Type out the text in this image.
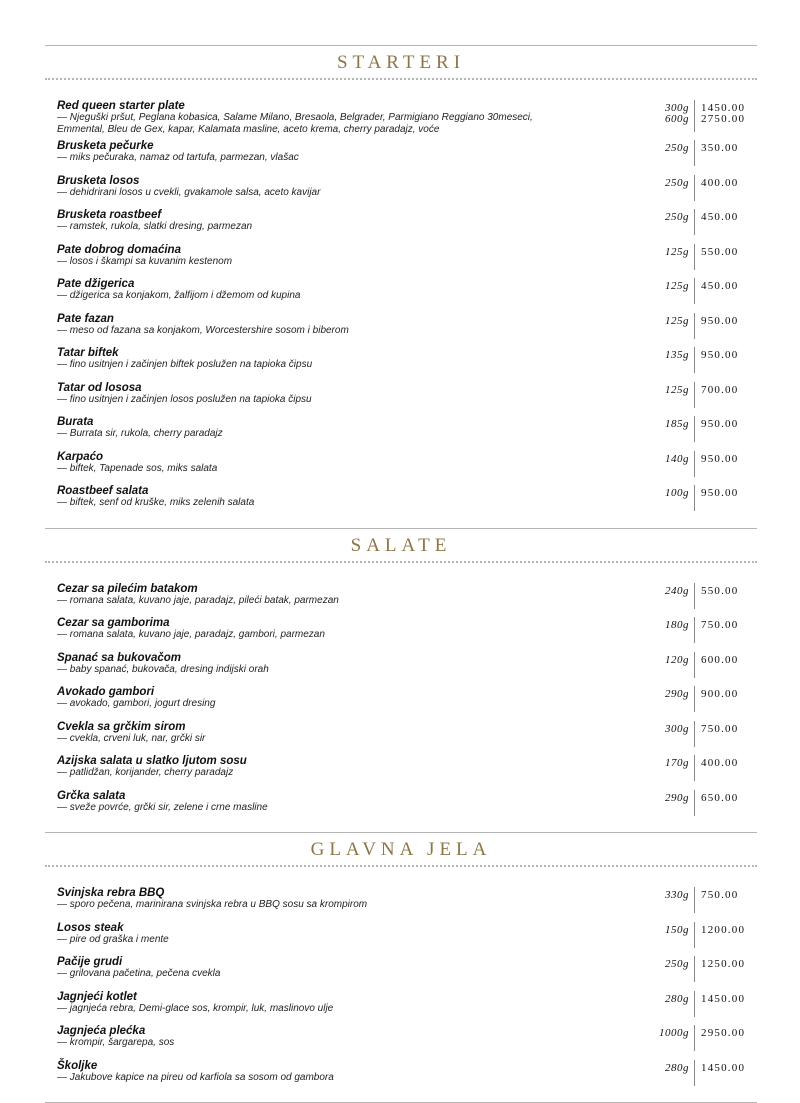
STARTERI
Red queen starter plate
— Njeguški pršut, Peglana kobasica, Salame Milano, Bresaola, Belgrader, Parmigiano Reggiano 30meseci,
Emmental, Bleu de Gex, kapar, Kalamata masline, aceto krema, cherry paradajz, voće
300g
600g
1450.00
2750.00
Brusketa pečurke
— miks pečuraka, namaz od tartufa, parmezan, vlašac
250g 350.00
Brusketa losos
— dehidrirani losos u cvekli, gvakamole salsa, aceto kavijar
250g 400.00
Brusketa roastbeef
— ramstek, rukola, slatki dresing, parmezan
250g 450.00
Pate dobrog domaćina
— losos i škampi sa kuvanim kestenom
125g 550.00
Pate džigerica
— džigerica sa konjakom, žalfijom i džemom od kupina
125g 450.00
Pate fazan
— meso od fazana sa konjakom, Worcestershire sosom i biberom
125g 950.00
Tatar biftek
— fino usitnjen i začinjen biftek poslužen na tapioka čipsu
135g 950.00
Tatar od lososa
— fino usitnjen i začinjen losos poslužen na tapioka čipsu
125g 700.00
Burata
— Burrata sir, rukola, cherry paradajz
185g 950.00
Karpaćo
— biftek, Tapenade sos, miks salata
140g 950.00
Roastbeef salata
— biftek, senf od kruške, miks zelenih salata
100g 950.00
SALATE
Cezar sa pilećim batakom
— romana salata, kuvano jaje, paradajz, pileći batak, parmezan
240g 550.00
Cezar sa gamborima
— romana salata, kuvano jaje, paradajz, gambori, parmezan
180g 750.00
Spanać sa bukovačom
— baby spanać, bukovača, dresing indijski orah
120g 600.00
Avokado gambori
— avokado, gambori, jogurt dresing
290g 900.00
Cvekla sa grčkim sirom
— cvekla, crveni luk, nar, grčki sir
300g 750.00
Azijska salata u slatko ljutom sosu
— patlidžan, korijander, cherry paradajz
170g 400.00
Grčka salata
— sveže povrće, grčki sir, zelene i crne masline
290g 650.00
GLAVNA JELA
Svinjska rebra BBQ
— sporo pečena, marinirana svinjska rebra u BBQ sosu sa krompirom
330g 750.00
Losos steak
— pire od graška i mente
150g 1200.00
Pačije grudi
— grilovana pačetina, pečena cvekla
250g 1250.00
Jagnjeći kotlet
— jagnjeća rebra, Demi-glace sos, krompir, luk, maslinovo ulje
280g 1450.00
Jagnjeća plećka
— krompir, šargarepa, sos
1000g 2950.00
Školjke
— Jakubove kapice na pireu od karfiola sa sosom od gambora
280g 1450.00
